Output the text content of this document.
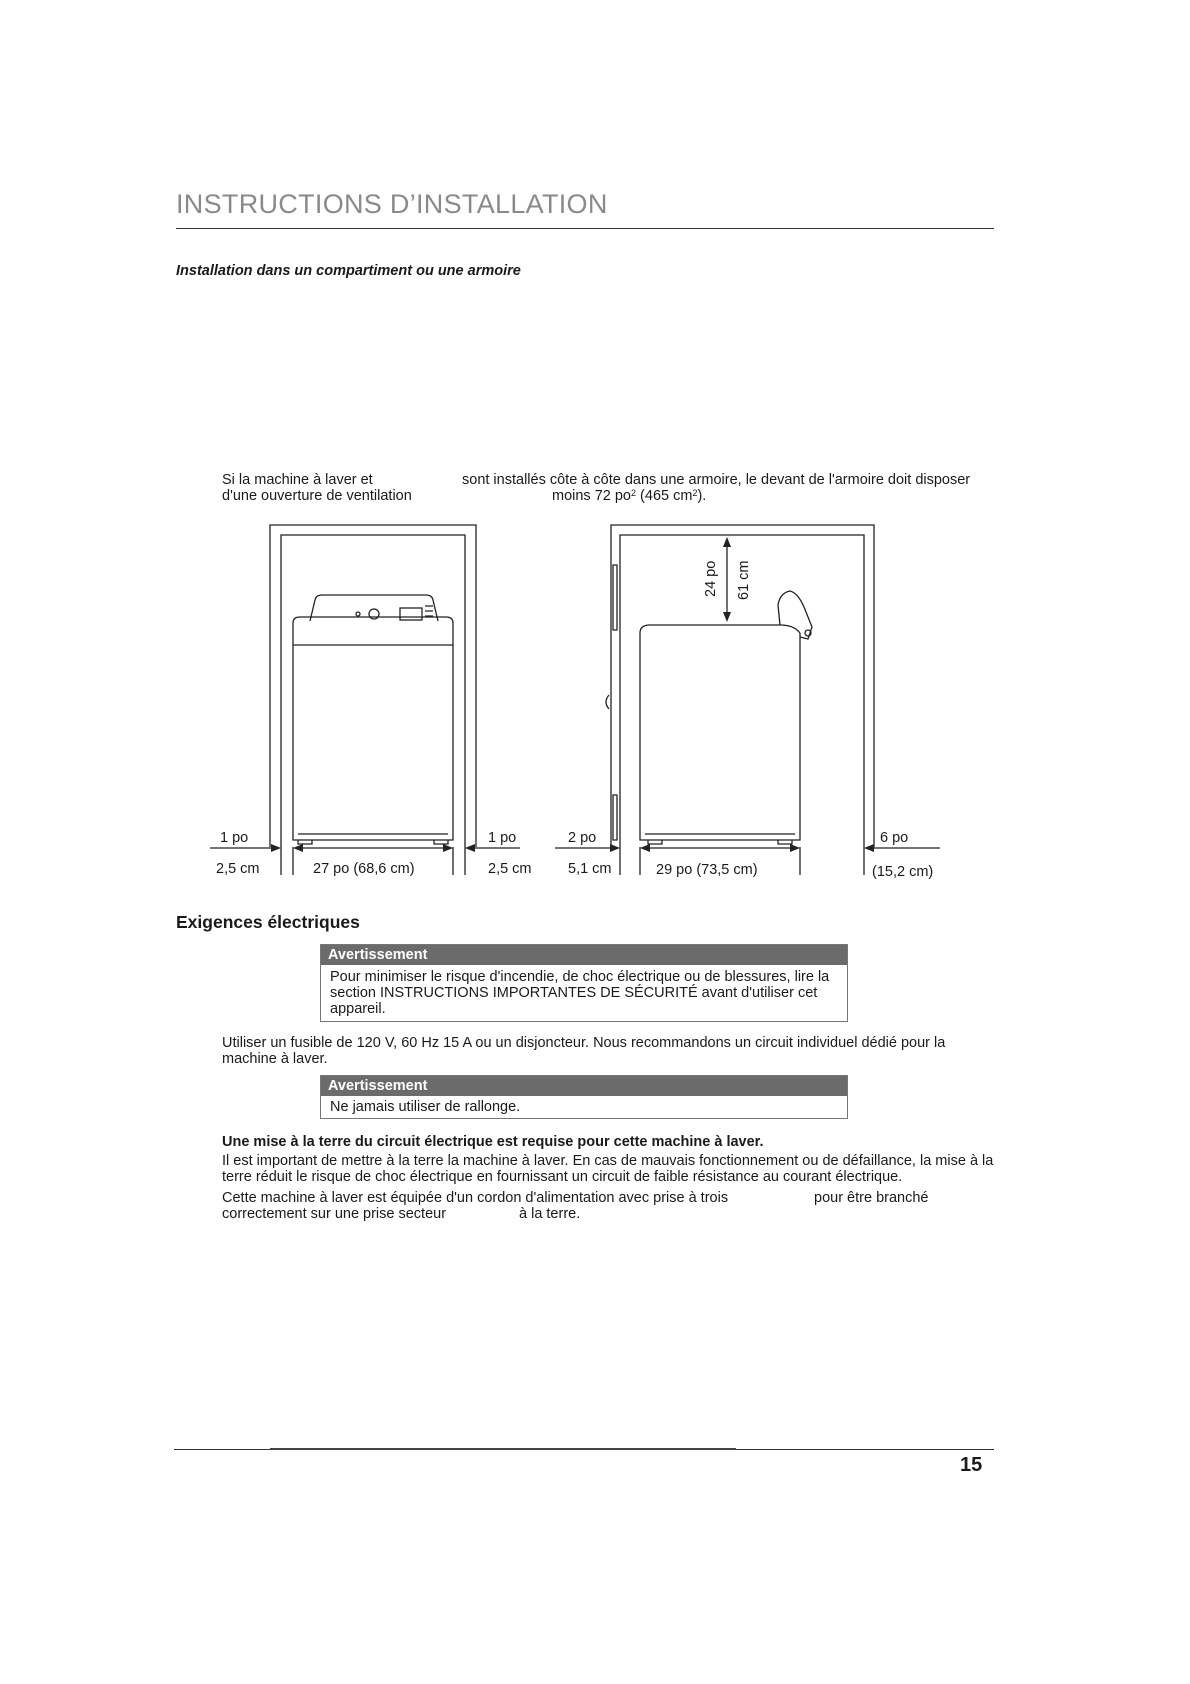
INSTRUCTIONS D’INSTALLATION
Installation dans un compartiment ou une armoire
Si la machine à laver et	sont installés côte à côte dans une armoire, le devant de l'armoire doit disposer
d'une ouverture de ventilation	moins 72 $po^2$ (465 $cm^2$).
1 po
2,5 cm	27 po (68,6 cm)
1 po
2,5 cm
2 po
5,1 cm	29 po (73,5 cm)
6 po
(15,2 cm)
24 po 61 cm
Exigences électriques
Avertissement
Pour minimiser le risque d'incendie, de choc électrique ou de blessures, lire la section INSTRUCTIONS IMPORTANTES DE SÉCURITÉ avant d'utiliser cet appareil.
Utiliser un fusible de 120 V, 60 Hz 15 A ou un disjoncteur. Nous recommandons un circuit individuel dédié pour la machine à laver.
Avertissement
Ne jamais utiliser de rallonge.
Une mise à la terre du circuit électrique est requise pour cette machine à laver.
Il est important de mettre à la terre la machine à laver. En cas de mauvais fonctionnement ou de défaillance, la mise à la terre réduit le risque de choc électrique en fournissant un circuit de faible résistance au courant électrique.
Cette machine à laver est équipée d'un cordon d'alimentation avec prise à trois	pour être branché
correctement sur une prise secteur	à la terre.
15
